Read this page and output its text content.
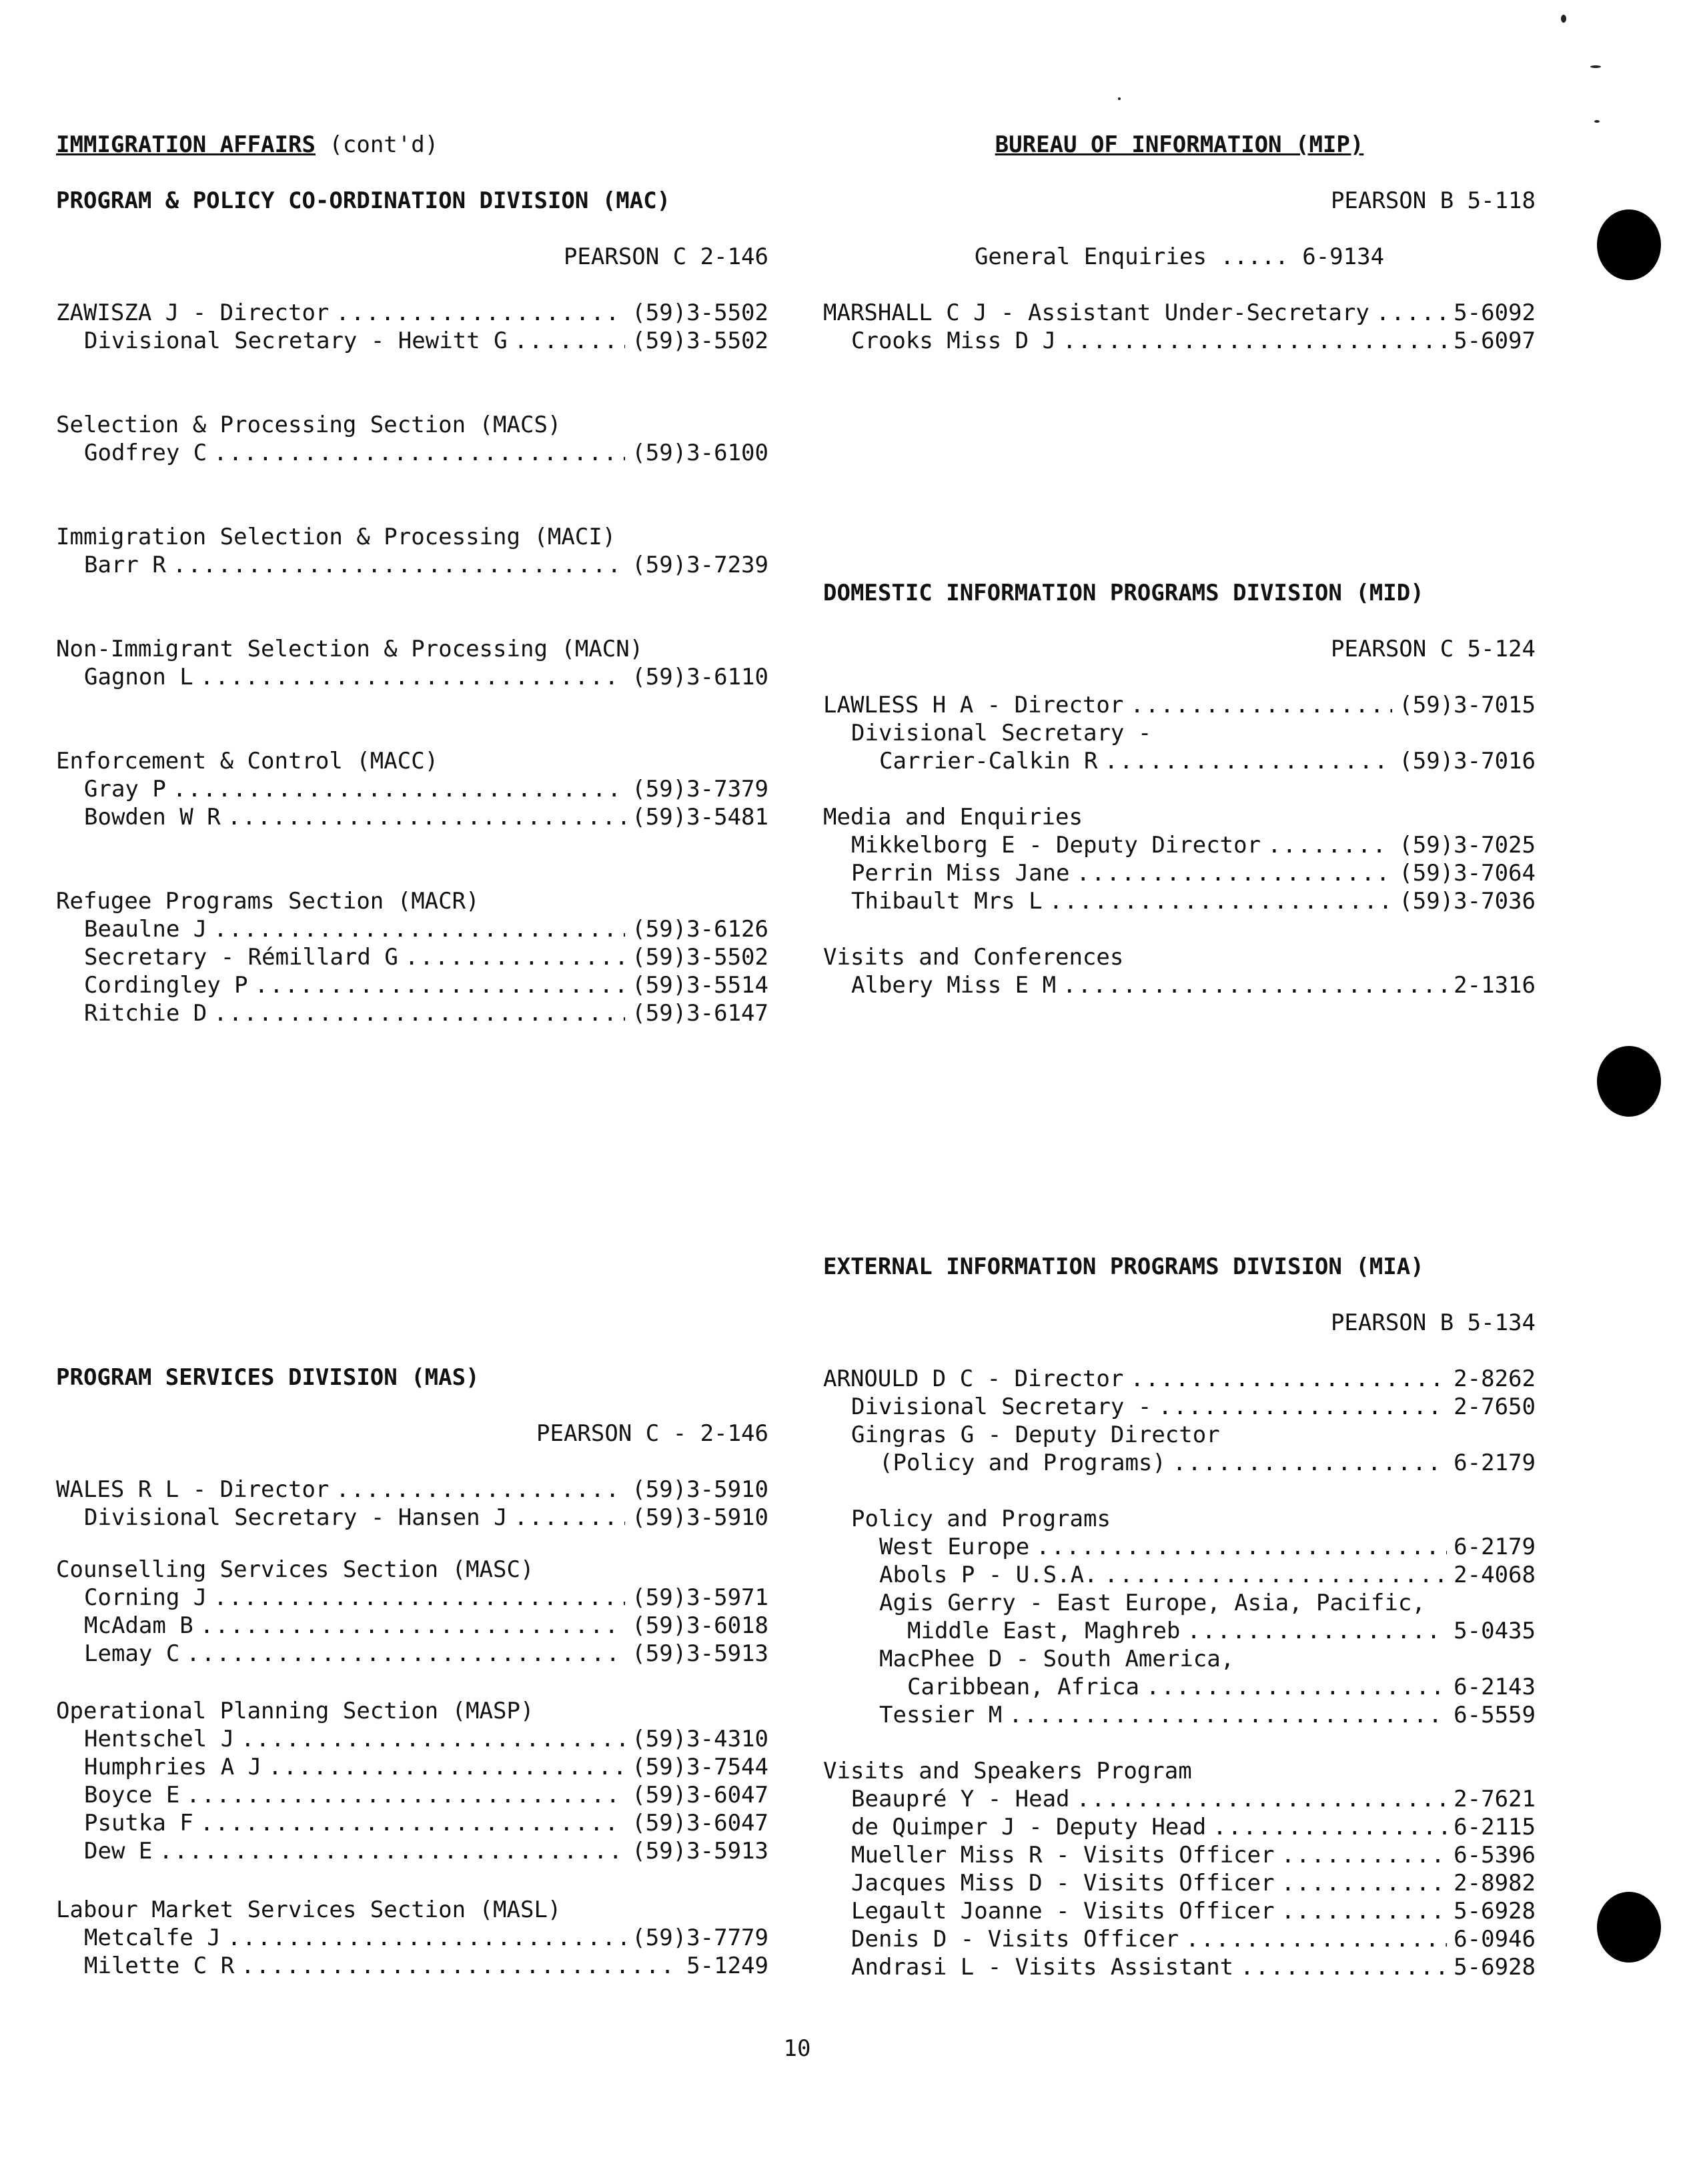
IMMIGRATION AFFAIRS (cont'd)
PROGRAM & POLICY CO-ORDINATION DIVISION (MAC)
PEARSON C 2-146
ZAWISZA J - Director .....	(59)3-5502
Divisional Secretary - Hewitt G .....	(59)3-5502
Selection & Processing Section (MACS)
Godfrey C .....	(59)3-6100
Immigration Selection & Processing (MACI)
Barr R .....	(59)3-7239
Non-Immigrant Selection & Processing (MACN)
Gagnon L .....	(59)3-6110
Enforcement & Control (MACC)
Gray P .....	(59)3-7379
Bowden W R .....	(59)3-5481
Refugee Programs Section (MACR)
Beaulne J .....	(59)3-6126
Secretary - Rémillard G .....	(59)3-5502
Cordingley P .....	(59)3-5514
Ritchie D .....	(59)3-6147
PROGRAM SERVICES DIVISION (MAS)
PEARSON C - 2-146
WALES R L - Director .....	(59)3-5910
Divisional Secretary - Hansen J .....	(59)3-5910
Counselling Services Section (MASC)
Corning J .....	(59)3-5971
McAdam B .....	(59)3-6018
Lemay C .....	(59)3-5913
Operational Planning Section (MASP)
Hentschel J .....	(59)3-4310
Humphries A J .....	(59)3-7544
Boyce E .....	(59)3-6047
Psutka F .....	(59)3-6047
Dew E .....	(59)3-5913
Labour Market Services Section (MASL)
Metcalfe J .....	(59)3-7779
Milette C R .....	5-1249
BUREAU OF INFORMATION (MIP)
PEARSON B 5-118
General Enquiries ..... 6-9134
MARSHALL C J - Assistant Under-Secretary .....	5-6092
Crooks Miss D J .....	5-6097
DOMESTIC INFORMATION PROGRAMS DIVISION (MID)
PEARSON C 5-124
LAWLESS H A - Director .....	(59)3-7015
Divisional Secretary -
Carrier-Calkin R .....	(59)3-7016
Media and Enquiries
Mikkelborg E - Deputy Director .....	(59)3-7025
Perrin Miss Jane .....	(59)3-7064
Thibault Mrs L .....	(59)3-7036
Visits and Conferences
Albery Miss E M .....	2-1316
EXTERNAL INFORMATION PROGRAMS DIVISION (MIA)
PEARSON B 5-134
ARNOULD D C - Director .....	2-8262
Divisional Secretary - .....	2-7650
Gingras G - Deputy Director
(Policy and Programs) .....	6-2179
Policy and Programs
West Europe .....	6-2179
Abols P - U.S.A. .....	2-4068
Agis Gerry - East Europe, Asia, Pacific,
Middle East, Maghreb .....	5-0435
MacPhee D - South America,
Caribbean, Africa .....	6-2143
Tessier M .....	6-5559
Visits and Speakers Program
Beaupré Y - Head .....	2-7621
de Quimper J - Deputy Head .....	6-2115
Mueller Miss R - Visits Officer .....	6-5396
Jacques Miss D - Visits Officer .....	2-8982
Legault Joanne - Visits Officer .....	5-6928
Denis D - Visits Officer .....	6-0946
Andrasi L - Visits Assistant .....	5-6928
10
